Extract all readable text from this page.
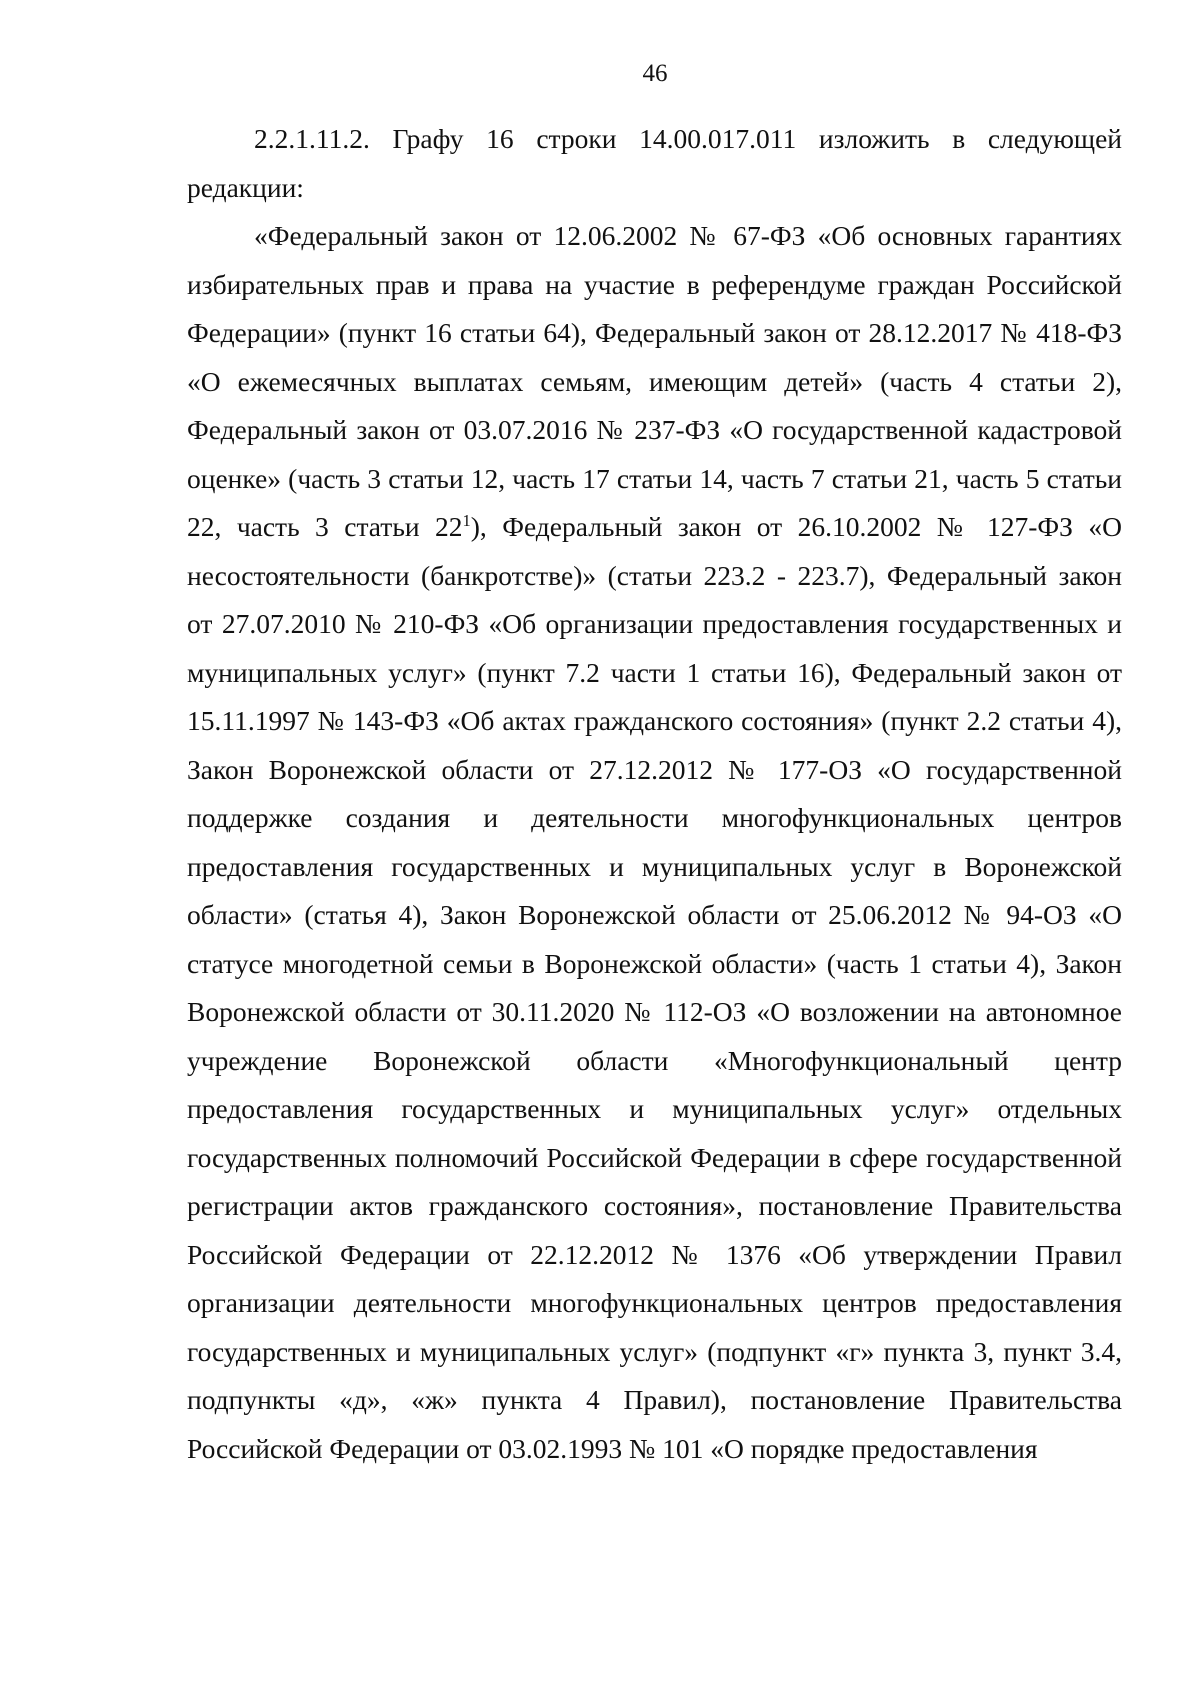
46

2.2.1.11.2. Графу 16 строки 14.00.017.011 изложить в следующей редакции:

«Федеральный закон от 12.06.2002 № 67-ФЗ «Об основных гарантиях избирательных прав и права на участие в референдуме граждан Российской Федерации» (пункт 16 статьи 64), Федеральный закон от 28.12.2017 № 418-ФЗ «О ежемесячных выплатах семьям, имеющим детей» (часть 4 статьи 2), Федеральный закон от 03.07.2016 № 237-ФЗ «О государственной кадастровой оценке» (часть 3 статьи 12, часть 17 статьи 14, часть 7 статьи 21, часть 5 статьи 22, часть 3 статьи $22^1$), Федеральный закон от 26.10.2002 № 127-ФЗ «О несостоятельности (банкротстве)» (статьи 223.2 - 223.7), Федеральный закон от 27.07.2010 № 210-ФЗ «Об организации предоставления государственных и муниципальных услуг» (пункт 7.2 части 1 статьи 16), Федеральный закон от 15.11.1997 № 143-ФЗ «Об актах гражданского состояния» (пункт 2.2 статьи 4), Закон Воронежской области от 27.12.2012 № 177-ОЗ «О государственной поддержке создания и деятельности многофункциональных центров предоставления государственных и муниципальных услуг в Воронежской области» (статья 4), Закон Воронежской области от 25.06.2012 № 94-ОЗ «О статусе многодетной семьи в Воронежской области» (часть 1 статьи 4), Закон Воронежской области от 30.11.2020 № 112-ОЗ «О возложении на автономное учреждение Воронежской области «Многофункциональный центр предоставления государственных и муниципальных услуг» отдельных государственных полномочий Российской Федерации в сфере государственной регистрации актов гражданского состояния», постановление Правительства Российской Федерации от 22.12.2012 № 1376 «Об утверждении Правил организации деятельности многофункциональных центров предоставления государственных и муниципальных услуг» (подпункт «г» пункта 3, пункт 3.4, подпункты «д», «ж» пункта 4 Правил), постановление Правительства Российской Федерации от 03.02.1993 № 101 «О порядке предоставления
